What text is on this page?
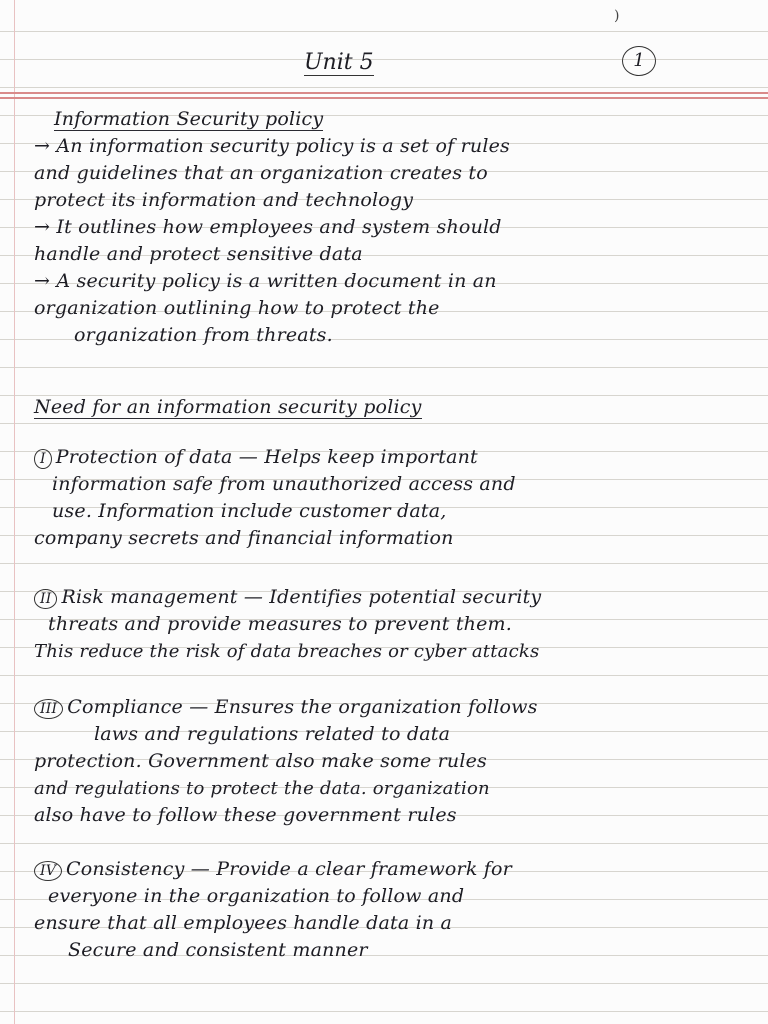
)
Unit 5	1
Information Security policy
→ An information security policy is a set of rules
and guidelines that an organization creates to
protect its information and technology
→ It outlines how employees and system should
handle and protect sensitive data
→ A security policy is a written document in an
organization outlining how to protect the
organization from threats.
Need for an information security policy
I Protection of data — Helps keep important
information safe from unauthorized access and
use. Information include customer data,
company secrets and financial information
II Risk management — Identifies potential security
threats and provide measures to prevent them.
This reduce the risk of data breaches or cyber attacks
III Compliance — Ensures the organization follows
laws and regulations related to data
protection. Government also make some rules
and regulations to protect the data. organization
also have to follow these government rules
IV Consistency — Provide a clear framework for
everyone in the organization to follow and
ensure that all employees handle data in a
Secure and consistent manner
